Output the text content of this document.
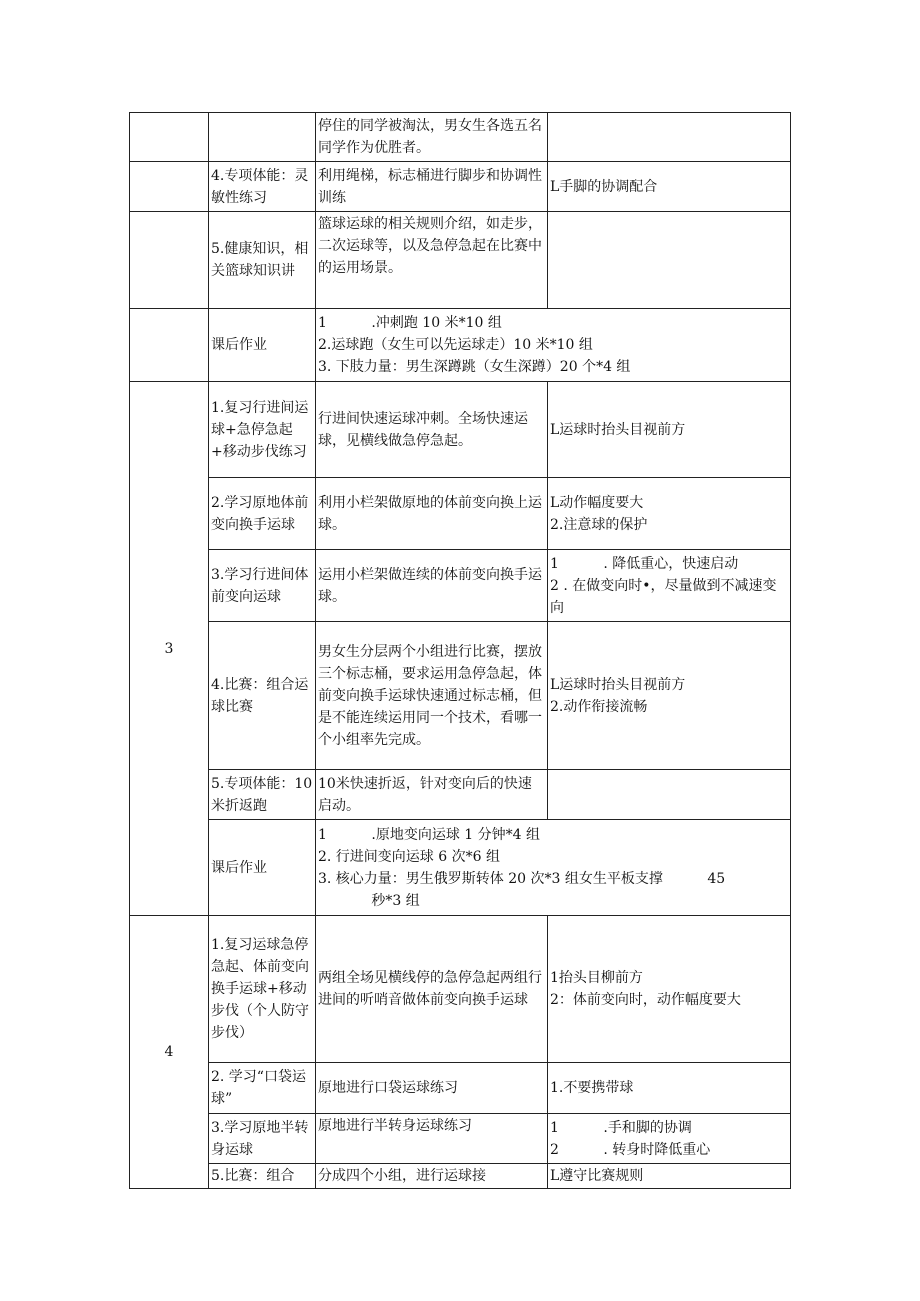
		停住的同学被淘汰，男女生各选五名同学作为优胜者。	
	4.专项体能：灵敏性练习	利用绳梯，标志桶进行脚步和协调性训练	L手脚的协调配合

	5.健康知识，相关篮球知识讲	篮球运球的相关规则介绍，如走步，二次运球等，以及急停急起在比赛中的运用场景。	
	课后作业	1          .冲刺跑 10 米*10 组
2.运球跑（女生可以先运球走）10 米*10 组
3. 下肢力量：男生深蹲跳（女生深蹲）20 个*4 组	

3	1.复习行进间运球+急停急起+移动步伐练习	行进间快速运球冲刺。全场快速运球，见横线做急停急起。	L运球时抬头目视前方

	2.学习原地体前变向换手运球	利用小栏架做原地的体前变向换上运球。	L动作幅度要大
2.注意球的保护

	3.学习行进间体前变向运球	运用小栏架做连续的体前变向换手运球。	1          . 降低重心，快速启动
2 . 在做变向时•，尽量做到不减速变向

	4.比赛：组合运球比赛	男女生分层两个小组进行比赛，摆放三个标志桶，要求运用急停急起，体前变向换手运球快速通过标志桶，但是不能连续运用同一个技术，看哪一个小组率先完成。	L运球时抬头目视前方
2.动作衔接流畅

	5.专项体能：10米折返跑	10米快速折返，针对变向后的快速启动。	
	课后作业	1          .原地变向运球 1 分钟*4 组
2. 行进间变向运球 6 次*6 组
3. 核心力量：男生俄罗斯转体 20 次*3 组女生平板支撑          45
秒*3 组	

4	1.复习运球急停急起、体前变向换手运球+移动步伐（个人防守步伐）	两组全场见横线停的急停急起两组行进间的听哨音做体前变向换手运球	1抬头目柳前方
2：体前变向时，动作幅度要大

	2. 学习“口袋运球”	原地进行口袋运球练习	1.不要携带球

	3.学习原地半转身运球	原地进行半转身运球练习	1          .手和脚的协调
2          . 转身时降低重心

	5.比赛：组合	分成四个小组，进行运球接	L遵守比赛规则
